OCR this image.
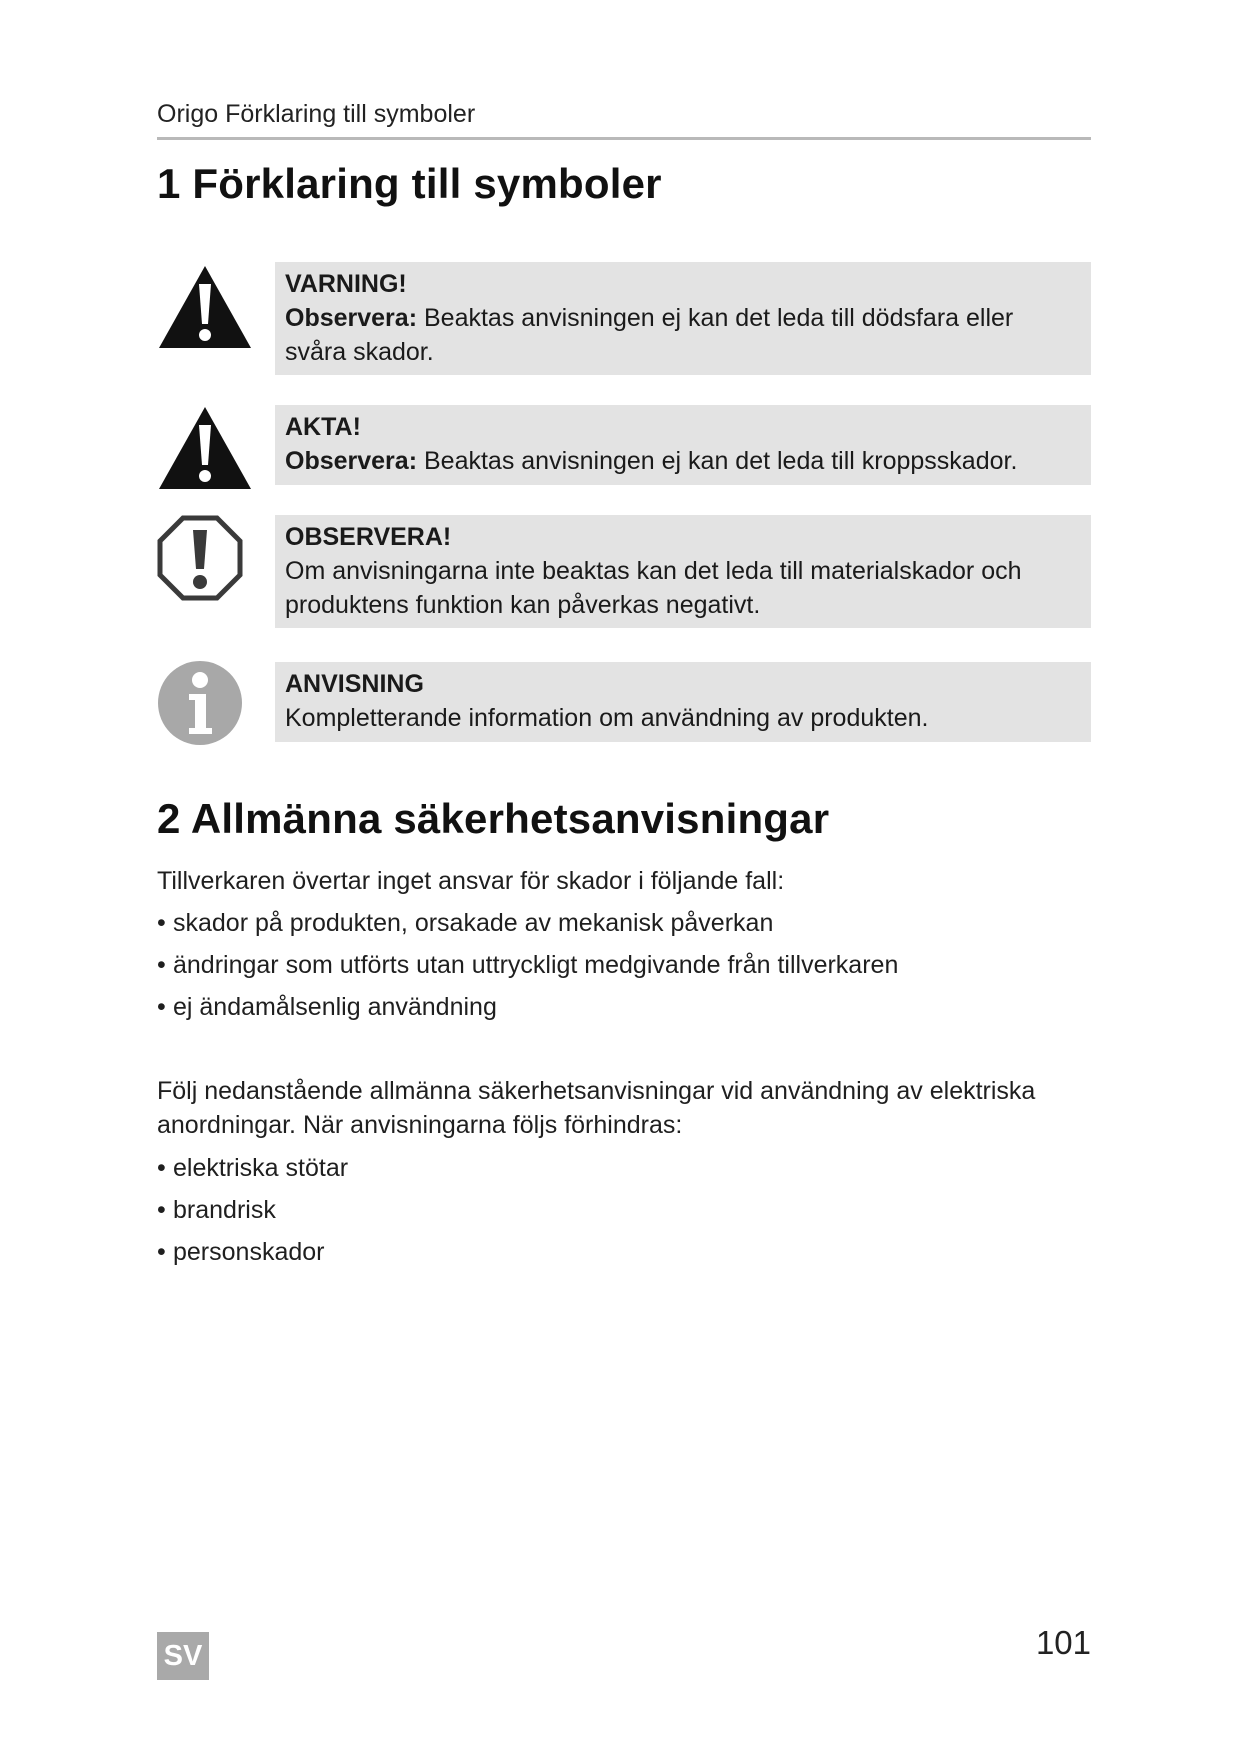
Origo Förklaring till symboler
1 Förklaring till symboler
VARNING!
Observera: Beaktas anvisningen ej kan det leda till dödsfara eller svåra skador.
AKTA!
Observera: Beaktas anvisningen ej kan det leda till kroppsskador.
OBSERVERA!
Om anvisningarna inte beaktas kan det leda till materialskador och produktens funktion kan påverkas negativt.
ANVISNING
Kompletterande information om användning av produkten.
2 Allmänna säkerhetsanvisningar
Tillverkaren övertar inget ansvar för skador i följande fall:
• skador på produkten, orsakade av mekanisk påverkan
• ändringar som utförts utan uttryckligt medgivande från tillverkaren
• ej ändamålsenlig användning
Följ nedanstående allmänna säkerhetsanvisningar vid användning av elektriska anordningar. När anvisningarna följs förhindras:
• elektriska stötar
• brandrisk
• personskador
SV	101
